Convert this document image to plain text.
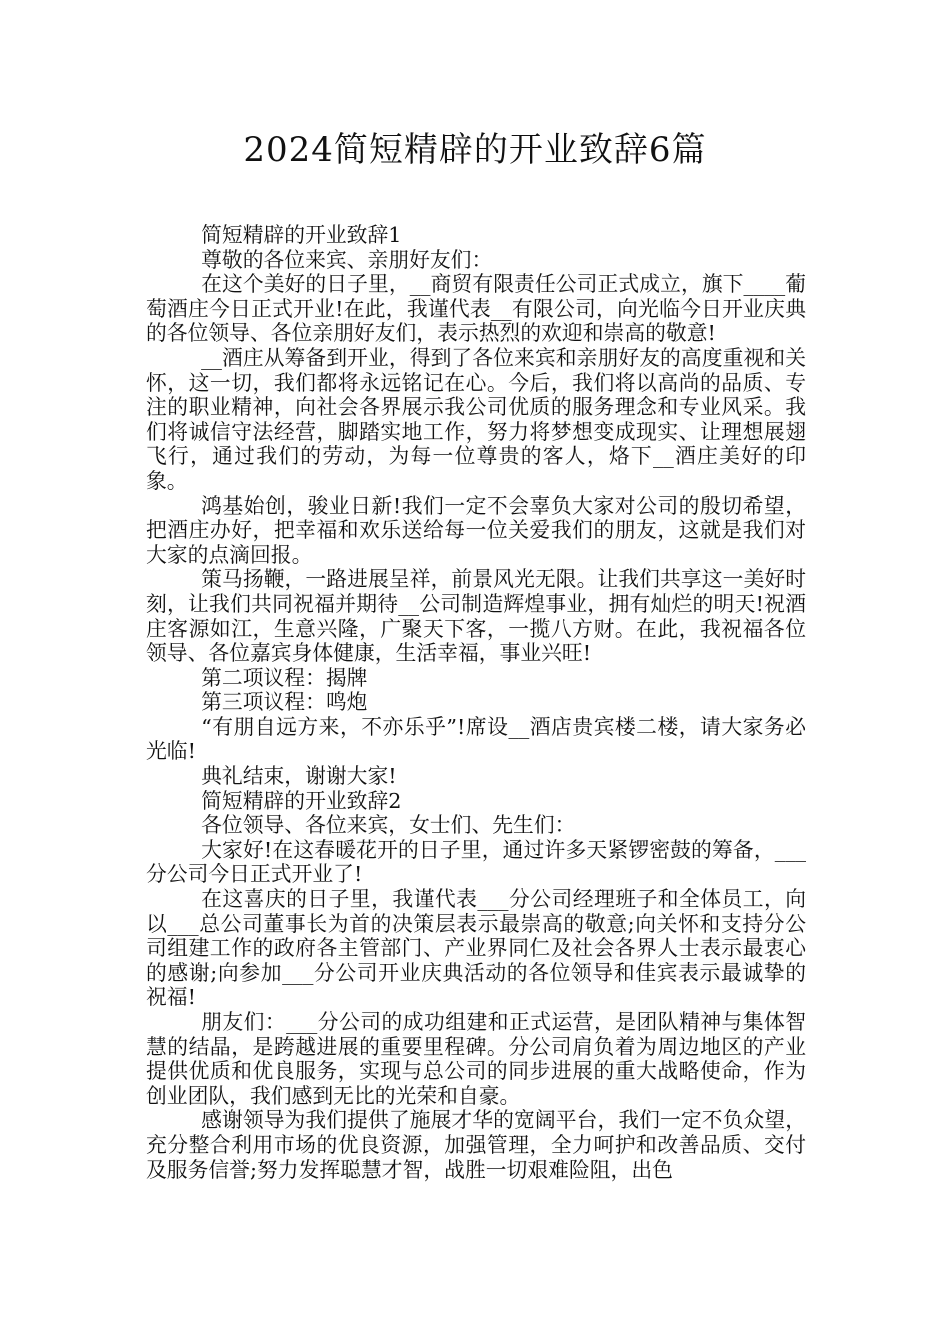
2024简短精辟的开业致辞6篇

简短精辟的开业致辞1

尊敬的各位来宾、亲朋好友们：

在这个美好的日子里，__商贸有限责任公司正式成立，旗下____葡萄酒庄今日正式开业!在此，我谨代表__有限公司，向光临今日开业庆典的各位领导、各位亲朋好友们，表示热烈的欢迎和崇高的敬意!

__酒庄从筹备到开业，得到了各位来宾和亲朋好友的高度重视和关怀，这一切，我们都将永远铭记在心。今后，我们将以高尚的品质、专注的职业精神，向社会各界展示我公司优质的服务理念和专业风采。我们将诚信守法经营，脚踏实地工作，努力将梦想变成现实、让理想展翅飞行，通过我们的劳动，为每一位尊贵的客人，烙下__酒庄美好的印象。

鸿基始创，骏业日新!我们一定不会辜负大家对公司的殷切希望，把酒庄办好，把幸福和欢乐送给每一位关爱我们的朋友，这就是我们对大家的点滴回报。

策马扬鞭，一路进展呈祥，前景风光无限。让我们共享这一美好时刻，让我们共同祝福并期待__公司制造辉煌事业，拥有灿烂的明天!祝酒庄客源如江，生意兴隆，广聚天下客，一揽八方财。在此，我祝福各位领导、各位嘉宾身体健康，生活幸福，事业兴旺!

第二项议程：揭牌

第三项议程：鸣炮

“有朋自远方来，不亦乐乎”!席设__酒店贵宾楼二楼，请大家务必光临!

典礼结束，谢谢大家!

简短精辟的开业致辞2

各位领导、各位来宾，女士们、先生们：

大家好!在这春暖花开的日子里，通过许多天紧锣密鼓的筹备，___分公司今日正式开业了!

在这喜庆的日子里，我谨代表___分公司经理班子和全体员工，向以___总公司董事长为首的决策层表示最崇高的敬意;向关怀和支持分公司组建工作的政府各主管部门、产业界同仁及社会各界人士表示最衷心的感谢;向参加___分公司开业庆典活动的各位领导和佳宾表示最诚挚的祝福!

朋友们：___分公司的成功组建和正式运营，是团队精神与集体智慧的结晶，是跨越进展的重要里程碑。分公司肩负着为周边地区的产业提供优质和优良服务，实现与总公司的同步进展的重大战略使命，作为创业团队，我们感到无比的光荣和自豪。

感谢领导为我们提供了施展才华的宽阔平台，我们一定不负众望，充分整合利用市场的优良资源，加强管理，全力呵护和改善品质、交付及服务信誉;努力发挥聪慧才智，战胜一切艰难险阻，出色
